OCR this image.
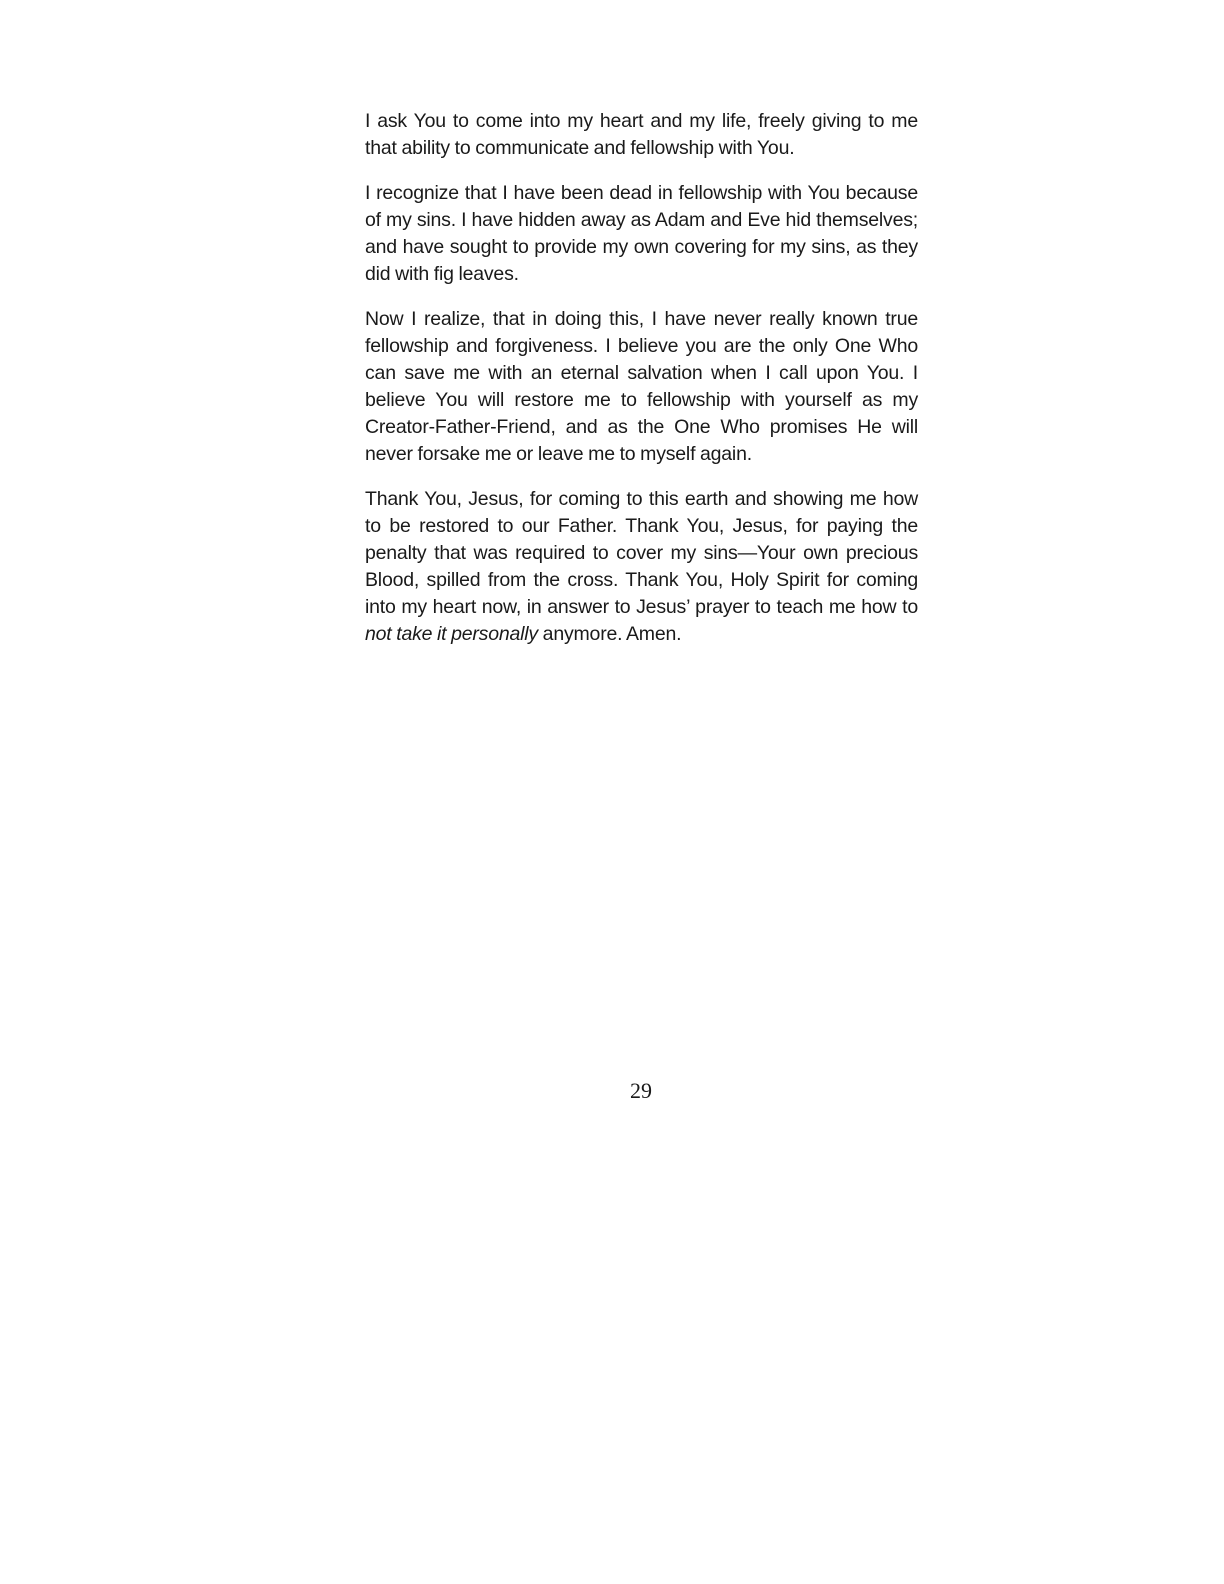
I ask You to come into my heart and my life, freely giving to me that ability to communicate and fellowship with You.

I recognize that I have been dead in fellowship with You because of my sins. I have hidden away as Adam and Eve hid themselves; and have sought to provide my own covering for my sins, as they did with fig leaves.

Now I realize, that in doing this, I have never really known true fellowship and forgiveness. I believe you are the only One Who can save me with an eternal salvation when I call upon You. I believe You will restore me to fellowship with yourself as my Creator-Father-Friend, and as the One Who promises He will never forsake me or leave me to myself again.

Thank You, Jesus, for coming to this earth and showing me how to be restored to our Father. Thank You, Jesus, for paying the penalty that was required to cover my sins—Your own precious Blood, spilled from the cross. Thank You, Holy Spirit for coming into my heart now, in answer to Jesus’ prayer to teach me how to not take it personally anymore. Amen.

29
